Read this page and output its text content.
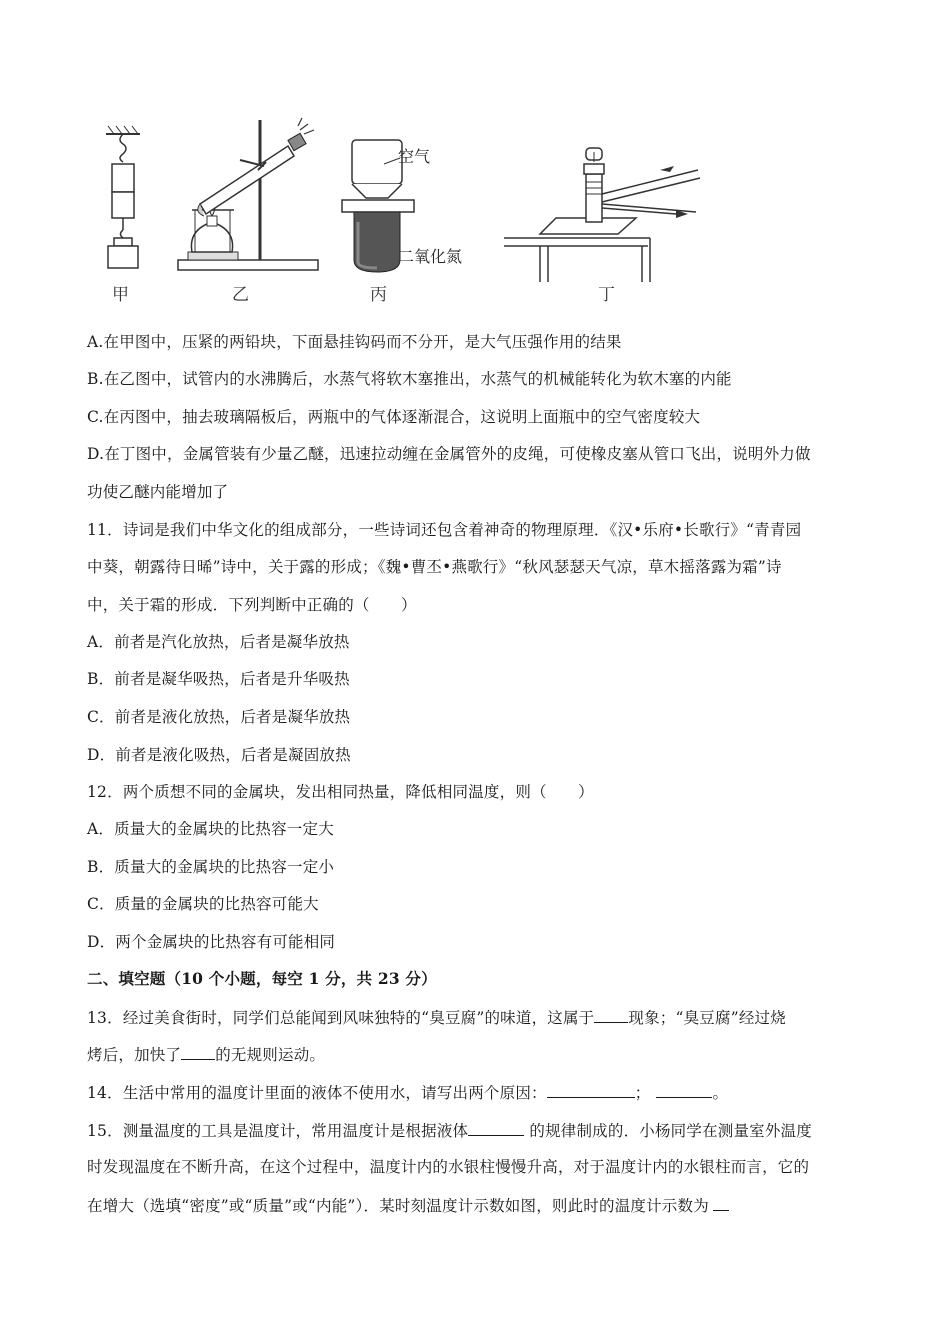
甲	乙
空气
二氧化氮
丙	丁
A.在甲图中，压紧的两铅块，下面悬挂钩码而不分开，是大气压强作用的结果
B.在乙图中，试管内的水沸腾后，水蒸气将软木塞推出，水蒸气的机械能转化为软木塞的内能
C.在丙图中，抽去玻璃隔板后，两瓶中的气体逐渐混合，这说明上面瓶中的空气密度较大
D.在丁图中，金属管装有少量乙醚，迅速拉动缠在金属管外的皮绳，可使橡皮塞从管口飞出，说明外力做
功使乙醚内能增加了
11．诗词是我们中华文化的组成部分，一些诗词还包含着神奇的物理原理．《汉•乐府•长歌行》“青青园
中葵，朝露待日晞”诗中，关于露的形成；《魏•曹丕•燕歌行》“秋风瑟瑟天气凉，草木摇落露为霜”诗
中，关于霜的形成．下列判断中正确的（　　）
A．前者是汽化放热，后者是凝华放热
B．前者是凝华吸热，后者是升华吸热
C．前者是液化放热，后者是凝华放热
D．前者是液化吸热，后者是凝固放热
12．两个质想不同的金属块，发出相同热量，降低相同温度，则（　　）
A．质量大的金属块的比热容一定大
B．质量大的金属块的比热容一定小
C．质量的金属块的比热容可能大
D．两个金属块的比热容有可能相同
二、填空题（10 个小题，每空 1 分，共 23 分）
13．经过美食街时，同学们总能闻到风味独特的“臭豆腐”的味道，这属于 现象；“臭豆腐”经过烧
烤后，加快了 的无规则运动。
14．生活中常用的温度计里面的液体不使用水，请写出两个原因：	；	。
15．测量温度的工具是温度计，常用温度计是根据液体	的规律制成的．小杨同学在测量室外温度
时发现温度在不断升高，在这个过程中，温度计内的水银柱慢慢升高，对于温度计内的水银柱而言，它的
在增大（选填“密度”或“质量”或“内能”）．某时刻温度计示数如图，则此时的温度计示数为
